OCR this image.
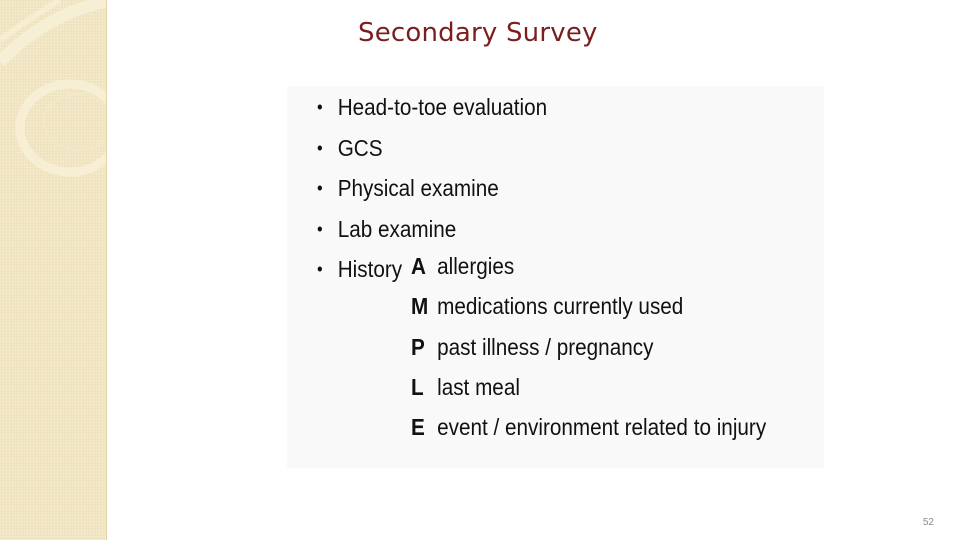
Secondary Survey
• Head-to-toe evaluation
• GCS
• Physical examine
• Lab examine
• History A allergies
M medications currently used
P past illness / pregnancy
L last meal
E event / environment related to injury
52
